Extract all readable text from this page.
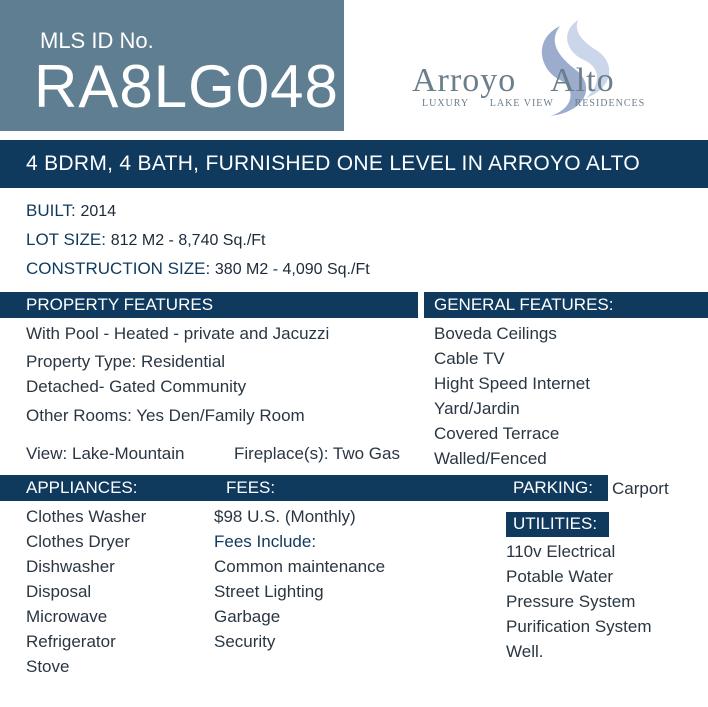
MLS ID No.
RA8LG048 Arroyo Alto
LUXURY      LAKE VIEW      RESIDENCES
4 BDRM, 4 BATH, FURNISHED ONE LEVEL IN ARROYO ALTO
BUILT: 2014
LOT SIZE: 812 M2 - 8,740 Sq./Ft
CONSTRUCTION SIZE: 380 M2 - 4,090 Sq./Ft
PROPERTY FEATURES	GENERAL FEATURES:
With Pool - Heated - private and Jacuzzi
Property Type: Residential
Detached- Gated Community
Other Rooms: Yes Den/Family Room
View: Lake-Mountain	Fireplace(s): Two Gas
Boveda Ceilings
Cable TV
Hight Speed Internet
Yard/Jardin
Covered Terrace
Walled/Fenced
APPLIANCES:	FEES:	PARKING: Carport
Clothes Washer
Clothes Dryer
Dishwasher
Disposal
Microwave
Refrigerator
Stove
$98 U.S. (Monthly)
Fees Include:
Common maintenance
Street Lighting
Garbage
Security
UTILITIES:
110v Electrical
Potable Water
Pressure System
Purification System
Well.
